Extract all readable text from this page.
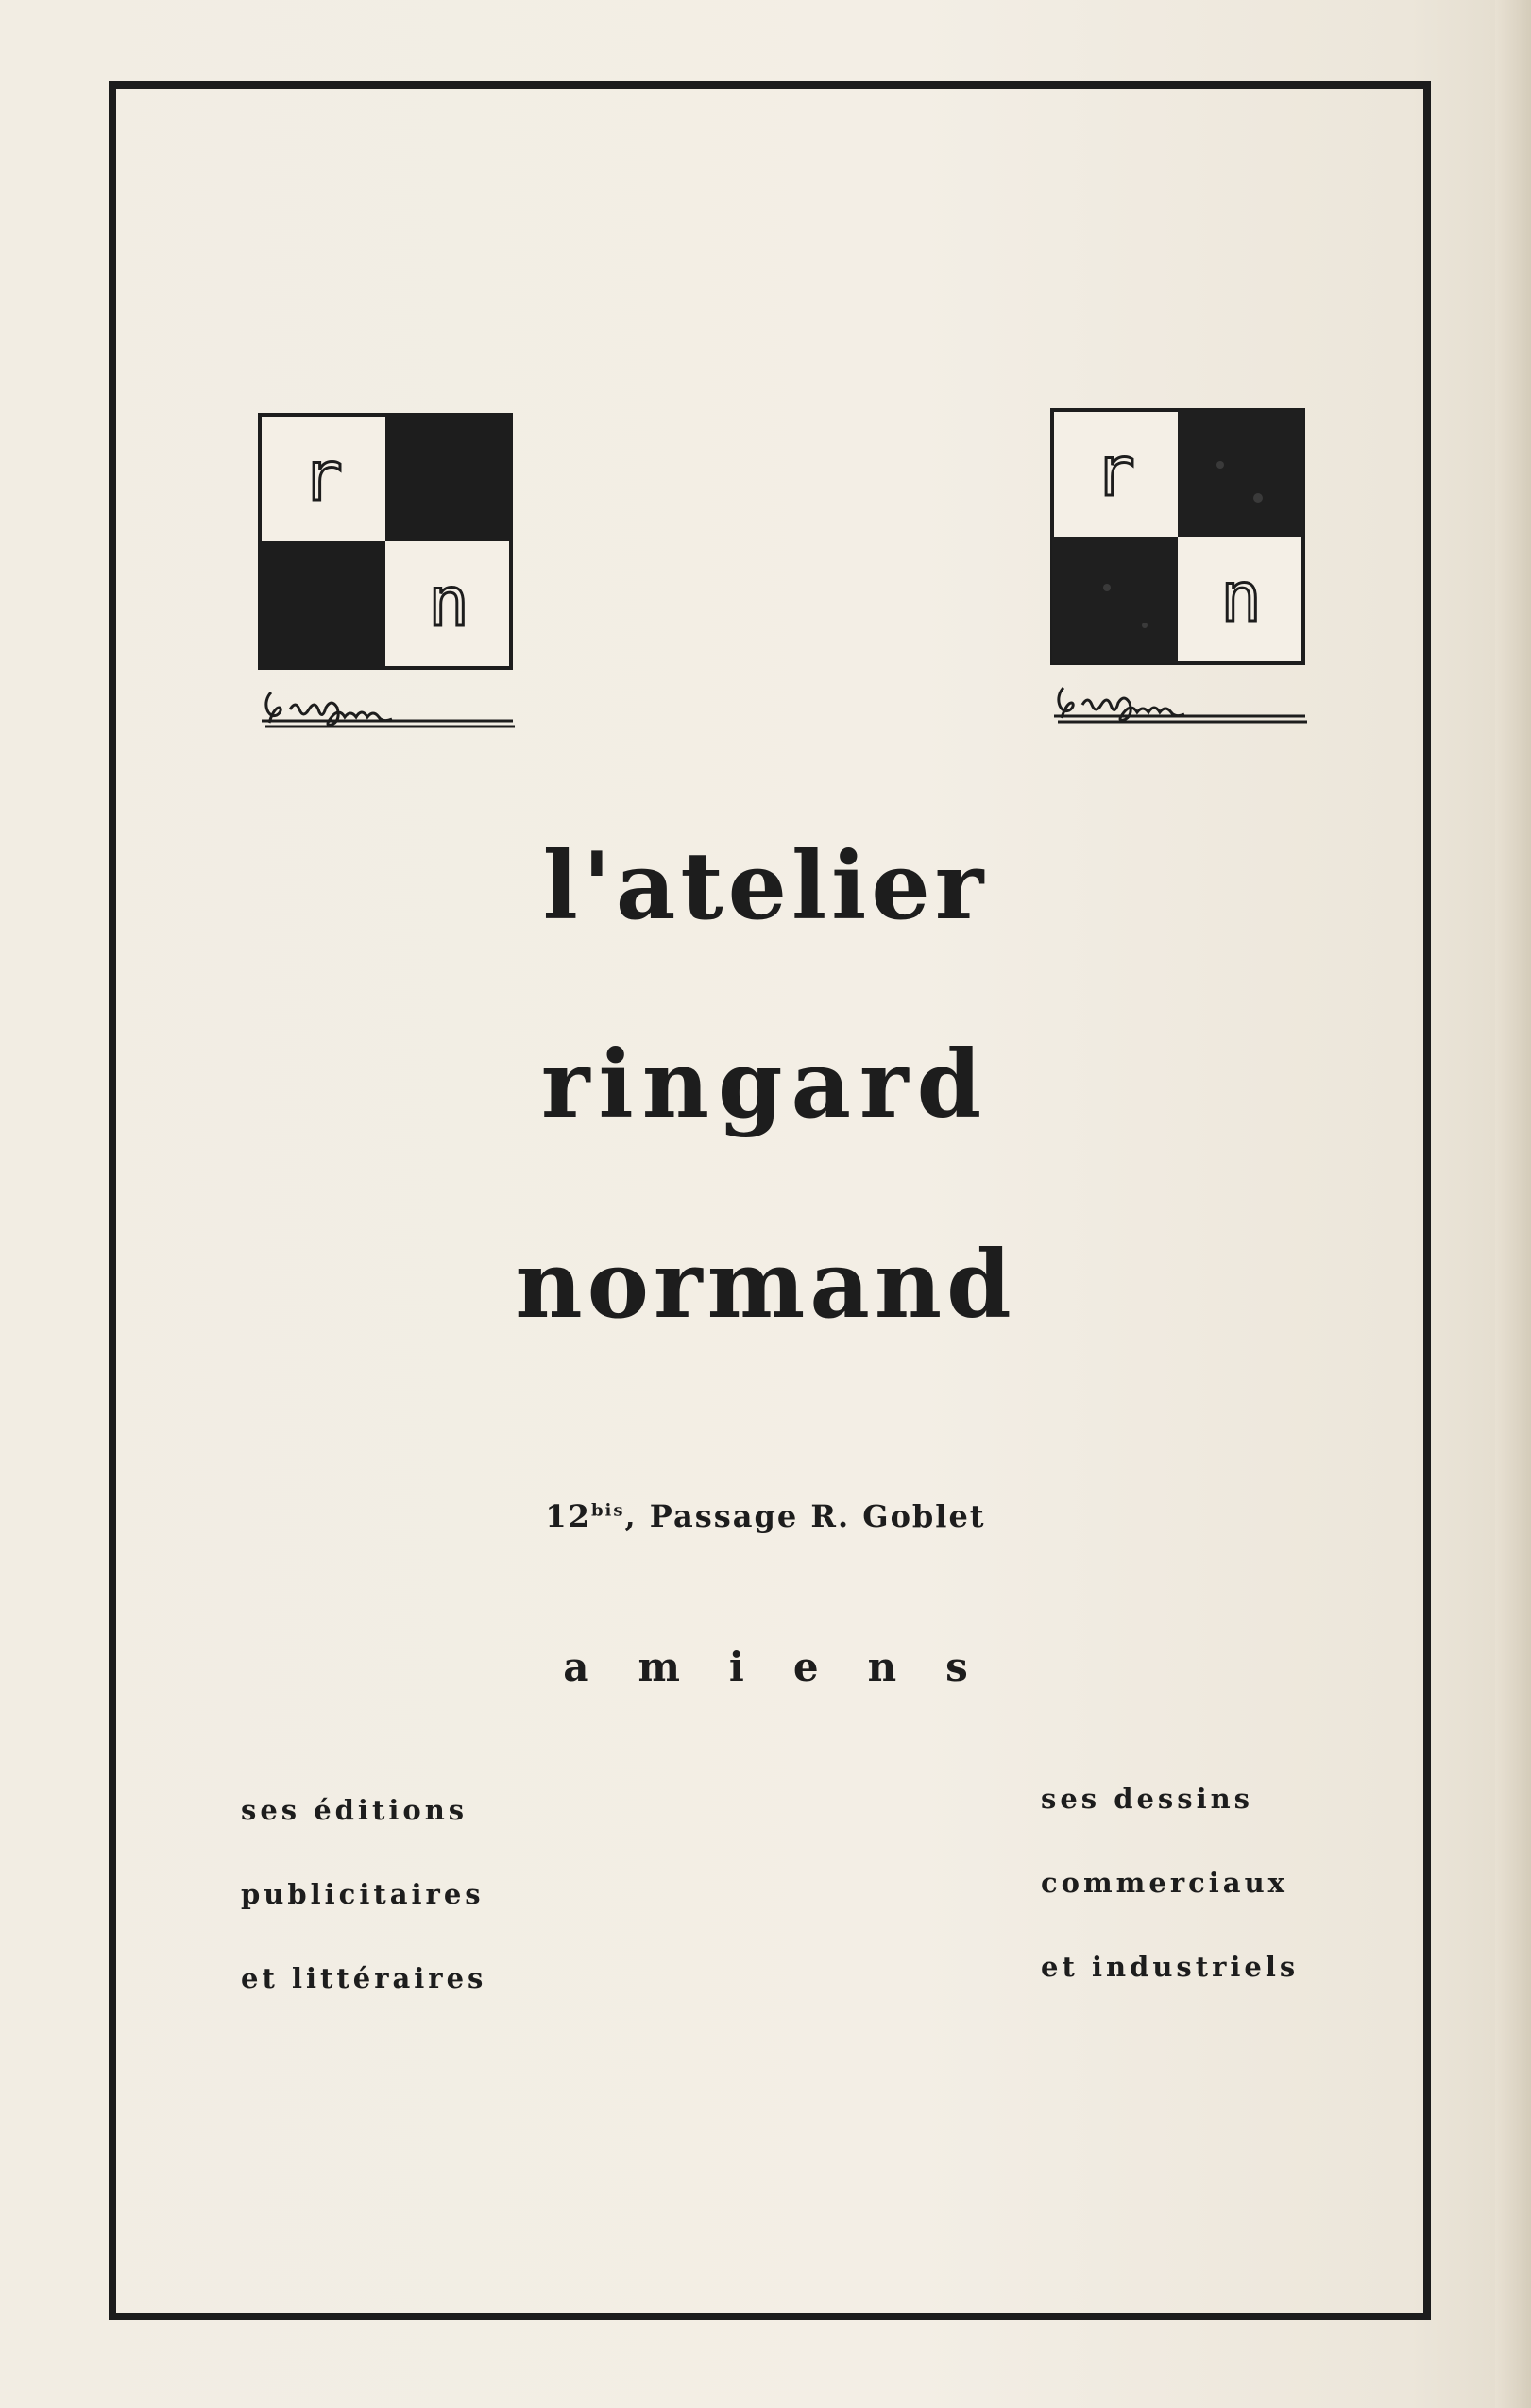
r
n
r
n
l'atelier
ringard
normand
$12^{bis}$, Passage R. Goblet
amiens
ses éditions
publicitaires
et littéraires
ses dessins
commerciaux
et industriels
